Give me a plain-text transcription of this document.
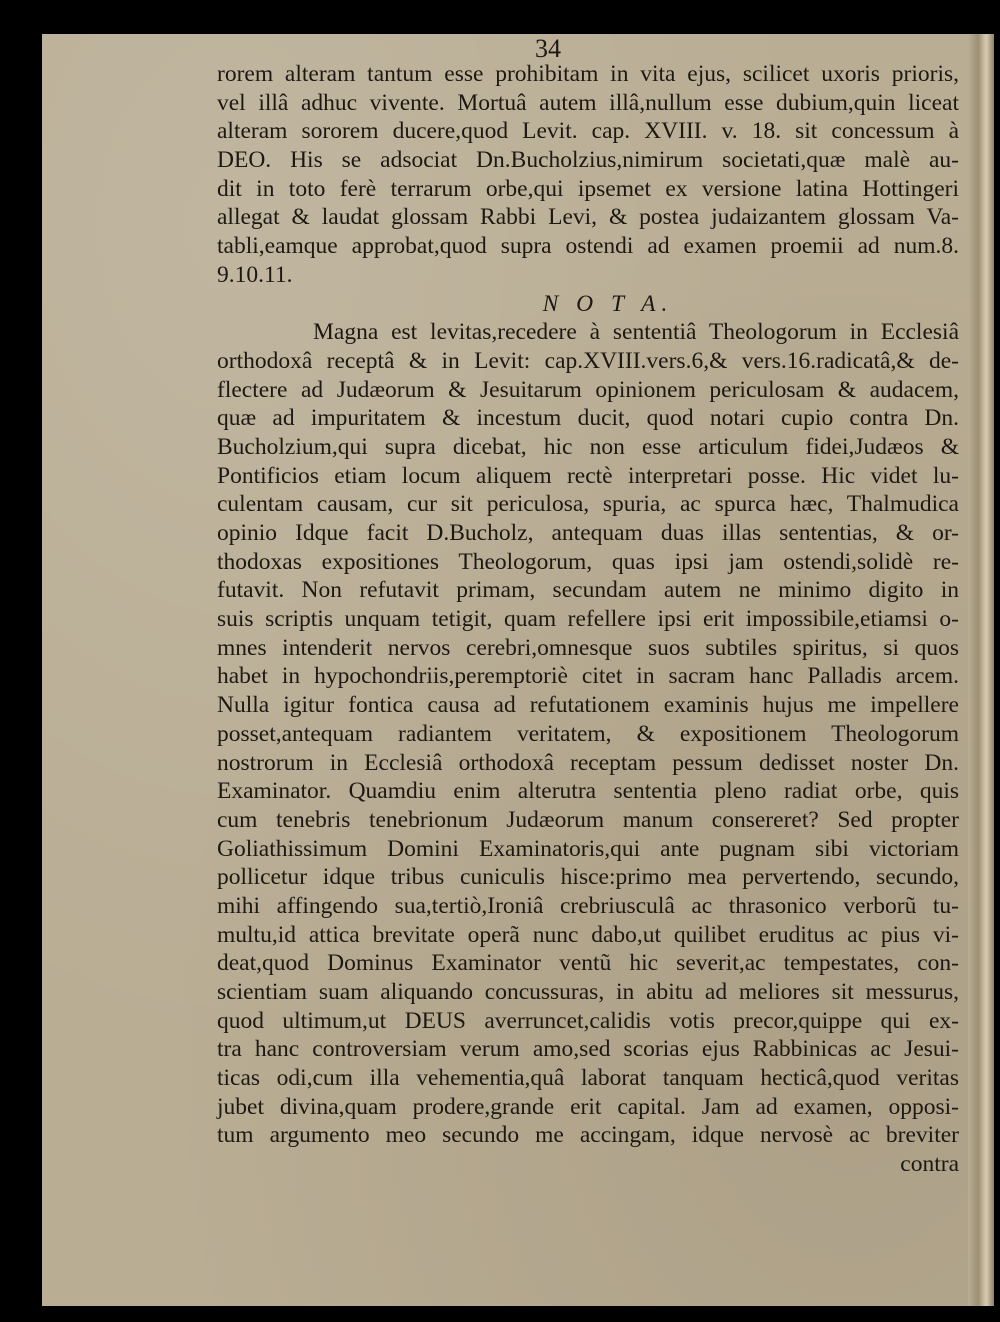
34
rorem alteram tantum esse prohibitam in vita ejus, scilicet uxoris prioris,
vel illâ adhuc vivente. Mortuâ autem illâ,nullum esse dubium,quin liceat
alteram sororem ducere,quod Levit. cap. XVIII. v. 18. sit concessum à
DEO. His se adsociat Dn.Bucholzius,nimirum societati,quæ malè au-
dit in toto ferè terrarum orbe,qui ipsemet ex versione latina Hottingeri
allegat & laudat glossam Rabbi Levi, & postea judaizantem glossam Va-
tabli,eamque approbat,quod supra ostendi ad examen proemii ad num.8.
9.10.11.
N O T A.
Magna est levitas,recedere à sententiâ Theologorum in Ecclesiâ
orthodoxâ receptâ & in Levit: cap.XVIII.vers.6,& vers.16.radicatâ,& de-
flectere ad Judæorum & Jesuitarum opinionem periculosam & audacem,
quæ ad impuritatem & incestum ducit, quod notari cupio contra Dn.
Bucholzium,qui supra dicebat, hic non esse articulum fidei,Judæos &
Pontificios etiam locum aliquem rectè interpretari posse. Hic videt lu-
culentam causam, cur sit periculosa, spuria, ac spurca hæc, Thalmudica
opinio Idque facit D.Bucholz, antequam duas illas sententias, & or-
thodoxas expositiones Theologorum, quas ipsi jam ostendi,solidè re-
futavit. Non refutavit primam, secundam autem ne minimo digito in
suis scriptis unquam tetigit, quam refellere ipsi erit impossibile,etiamsi o-
mnes intenderit nervos cerebri,omnesque suos subtiles spiritus, si quos
habet in hypochondriis,peremptoriè citet in sacram hanc Palladis arcem.
Nulla igitur fontica causa ad refutationem examinis hujus me impellere
posset,antequam radiantem veritatem, & expositionem Theologorum
nostrorum in Ecclesiâ orthodoxâ receptam pessum dedisset noster Dn.
Examinator. Quamdiu enim alterutra sententia pleno radiat orbe, quis
cum tenebris tenebrionum Judæorum manum consereret? Sed propter
Goliathissimum Domini Examinatoris,qui ante pugnam sibi victoriam
pollicetur idque tribus cuniculis hisce:primo mea pervertendo, secundo,
mihi affingendo sua,tertiò,Ironiâ crebriusculâ ac thrasonico verborũ tu-
multu,id attica brevitate operã nunc dabo,ut quilibet eruditus ac pius vi-
deat,quod Dominus Examinator ventũ hic severit,ac tempestates, con-
scientiam suam aliquando concussuras, in abitu ad meliores sit messurus,
quod ultimum,ut DEUS averruncet,calidis votis precor,quippe qui ex-
tra hanc controversiam verum amo,sed scorias ejus Rabbinicas ac Jesui-
ticas odi,cum illa vehementia,quâ laborat tanquam hecticâ,quod veritas
jubet divina,quam prodere,grande erit capital. Jam ad examen, opposi-
tum argumento meo secundo me accingam, idque nervosè ac breviter
contra
